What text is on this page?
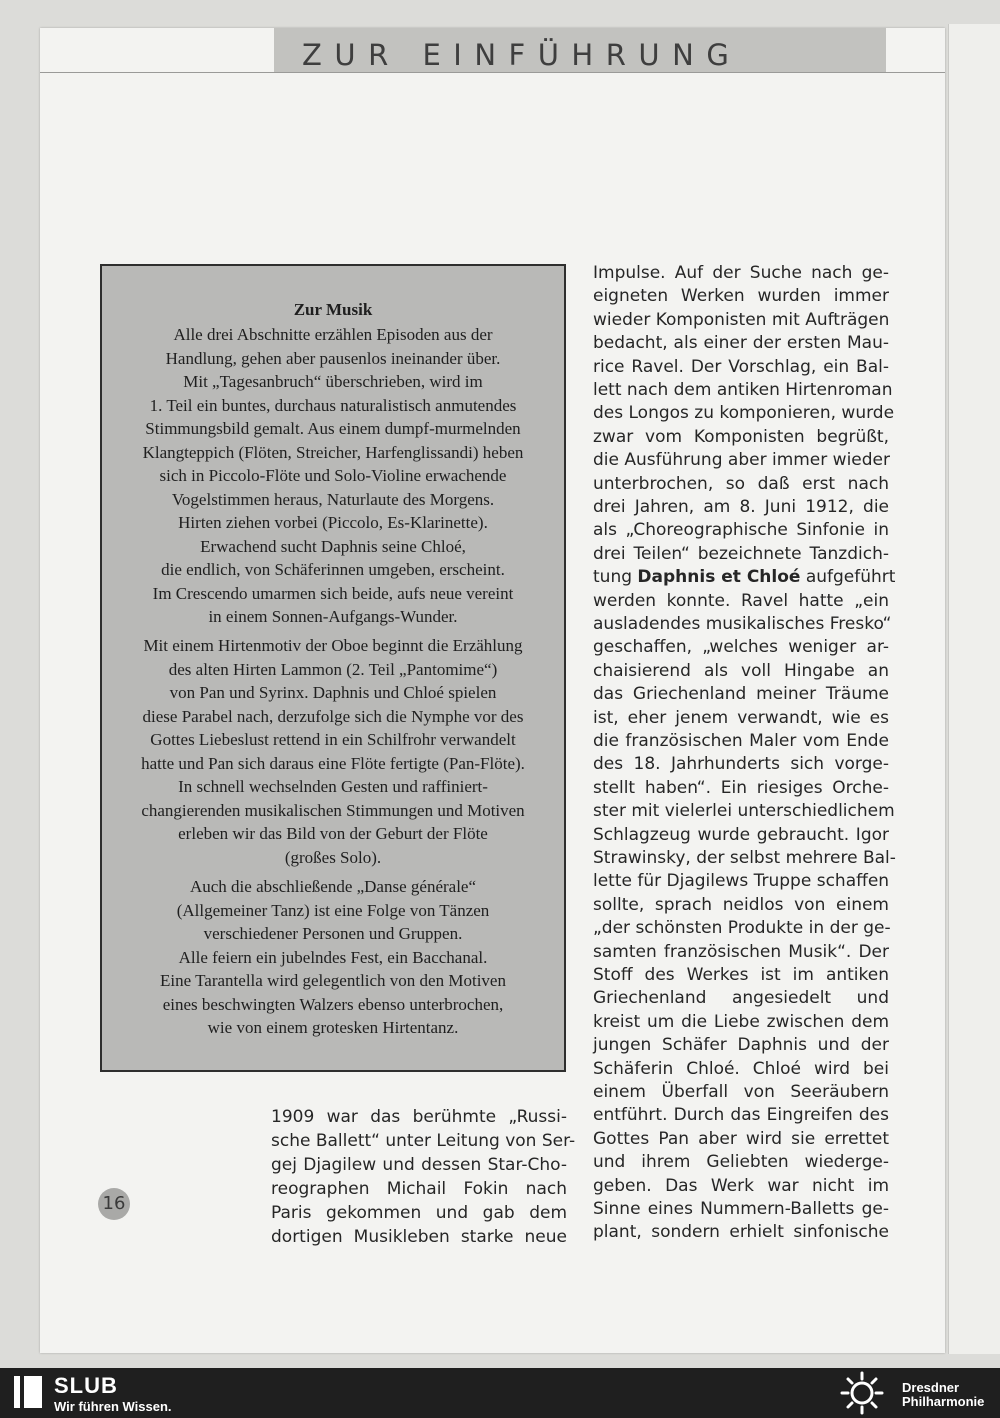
ZUR EINFÜHRUNG
Zur Musik
Alle drei Abschnitte erzählen Episoden aus der
Handlung, gehen aber pausenlos ineinander über.
Mit „Tagesanbruch“ überschrieben, wird im
1. Teil ein buntes, durchaus naturalistisch anmutendes
Stimmungsbild gemalt. Aus einem dumpf-murmelnden
Klangteppich (Flöten, Streicher, Harfenglissandi) heben
sich in Piccolo-Flöte und Solo-Violine erwachende
Vogelstimmen heraus, Naturlaute des Morgens.
Hirten ziehen vorbei (Piccolo, Es-Klarinette).
Erwachend sucht Daphnis seine Chloé,
die endlich, von Schäferinnen umgeben, erscheint.
Im Crescendo umarmen sich beide, aufs neue vereint
in einem Sonnen-Aufgangs-Wunder.
Mit einem Hirtenmotiv der Oboe beginnt die Erzählung
des alten Hirten Lammon (2. Teil „Pantomime“)
von Pan und Syrinx. Daphnis und Chloé spielen
diese Parabel nach, derzufolge sich die Nymphe vor des
Gottes Liebeslust rettend in ein Schilfrohr verwandelt
hatte und Pan sich daraus eine Flöte fertigte (Pan-Flöte).
In schnell wechselnden Gesten und raffiniert-
changierenden musikalischen Stimmungen und Motiven
erleben wir das Bild von der Geburt der Flöte
(großes Solo).
Auch die abschließende „Danse générale“
(Allgemeiner Tanz) ist eine Folge von Tänzen
verschiedener Personen und Gruppen.
Alle feiern ein jubelndes Fest, ein Bacchanal.
Eine Tarantella wird gelegentlich von den Motiven
eines beschwingten Walzers ebenso unterbrochen,
wie von einem grotesken Hirtentanz.
1909 war das berühmte „Russi-
sche Ballett“ unter Leitung von Ser-
gej Djagilew und dessen Star-Cho-
reographen Michail Fokin nach
Paris gekommen und gab dem
dortigen Musikleben starke neue
Impulse. Auf der Suche nach ge-
eigneten Werken wurden immer
wieder Komponisten mit Aufträgen
bedacht, als einer der ersten Mau-
rice Ravel. Der Vorschlag, ein Bal-
lett nach dem antiken Hirtenroman
des Longos zu komponieren, wurde
zwar vom Komponisten begrüßt,
die Ausführung aber immer wieder
unterbrochen, so daß erst nach
drei Jahren, am 8. Juni 1912, die
als „Choreographische Sinfonie in
drei Teilen“ bezeichnete Tanzdich-
tung Daphnis et Chloé aufgeführt
werden konnte. Ravel hatte „ein
ausladendes musikalisches Fresko“
geschaffen, „welches weniger ar-
chaisierend als voll Hingabe an
das Griechenland meiner Träume
ist, eher jenem verwandt, wie es
die französischen Maler vom Ende
des 18. Jahrhunderts sich vorge-
stellt haben“. Ein riesiges Orche-
ster mit vielerlei unterschiedlichem
Schlagzeug wurde gebraucht. Igor
Strawinsky, der selbst mehrere Bal-
lette für Djagilews Truppe schaffen
sollte, sprach neidlos von einem
„der schönsten Produkte in der ge-
samten französischen Musik“. Der
Stoff des Werkes ist im antiken
Griechenland angesiedelt und
kreist um die Liebe zwischen dem
jungen Schäfer Daphnis und der
Schäferin Chloé. Chloé wird bei
einem Überfall von Seeräubern
entführt. Durch das Eingreifen des
Gottes Pan aber wird sie errettet
und ihrem Geliebten wiederge-
geben. Das Werk war nicht im
Sinne eines Nummern-Balletts ge-
plant, sondern erhielt sinfonische
16
SLUB
Wir führen Wissen.
Dresdner
Philharmonie
